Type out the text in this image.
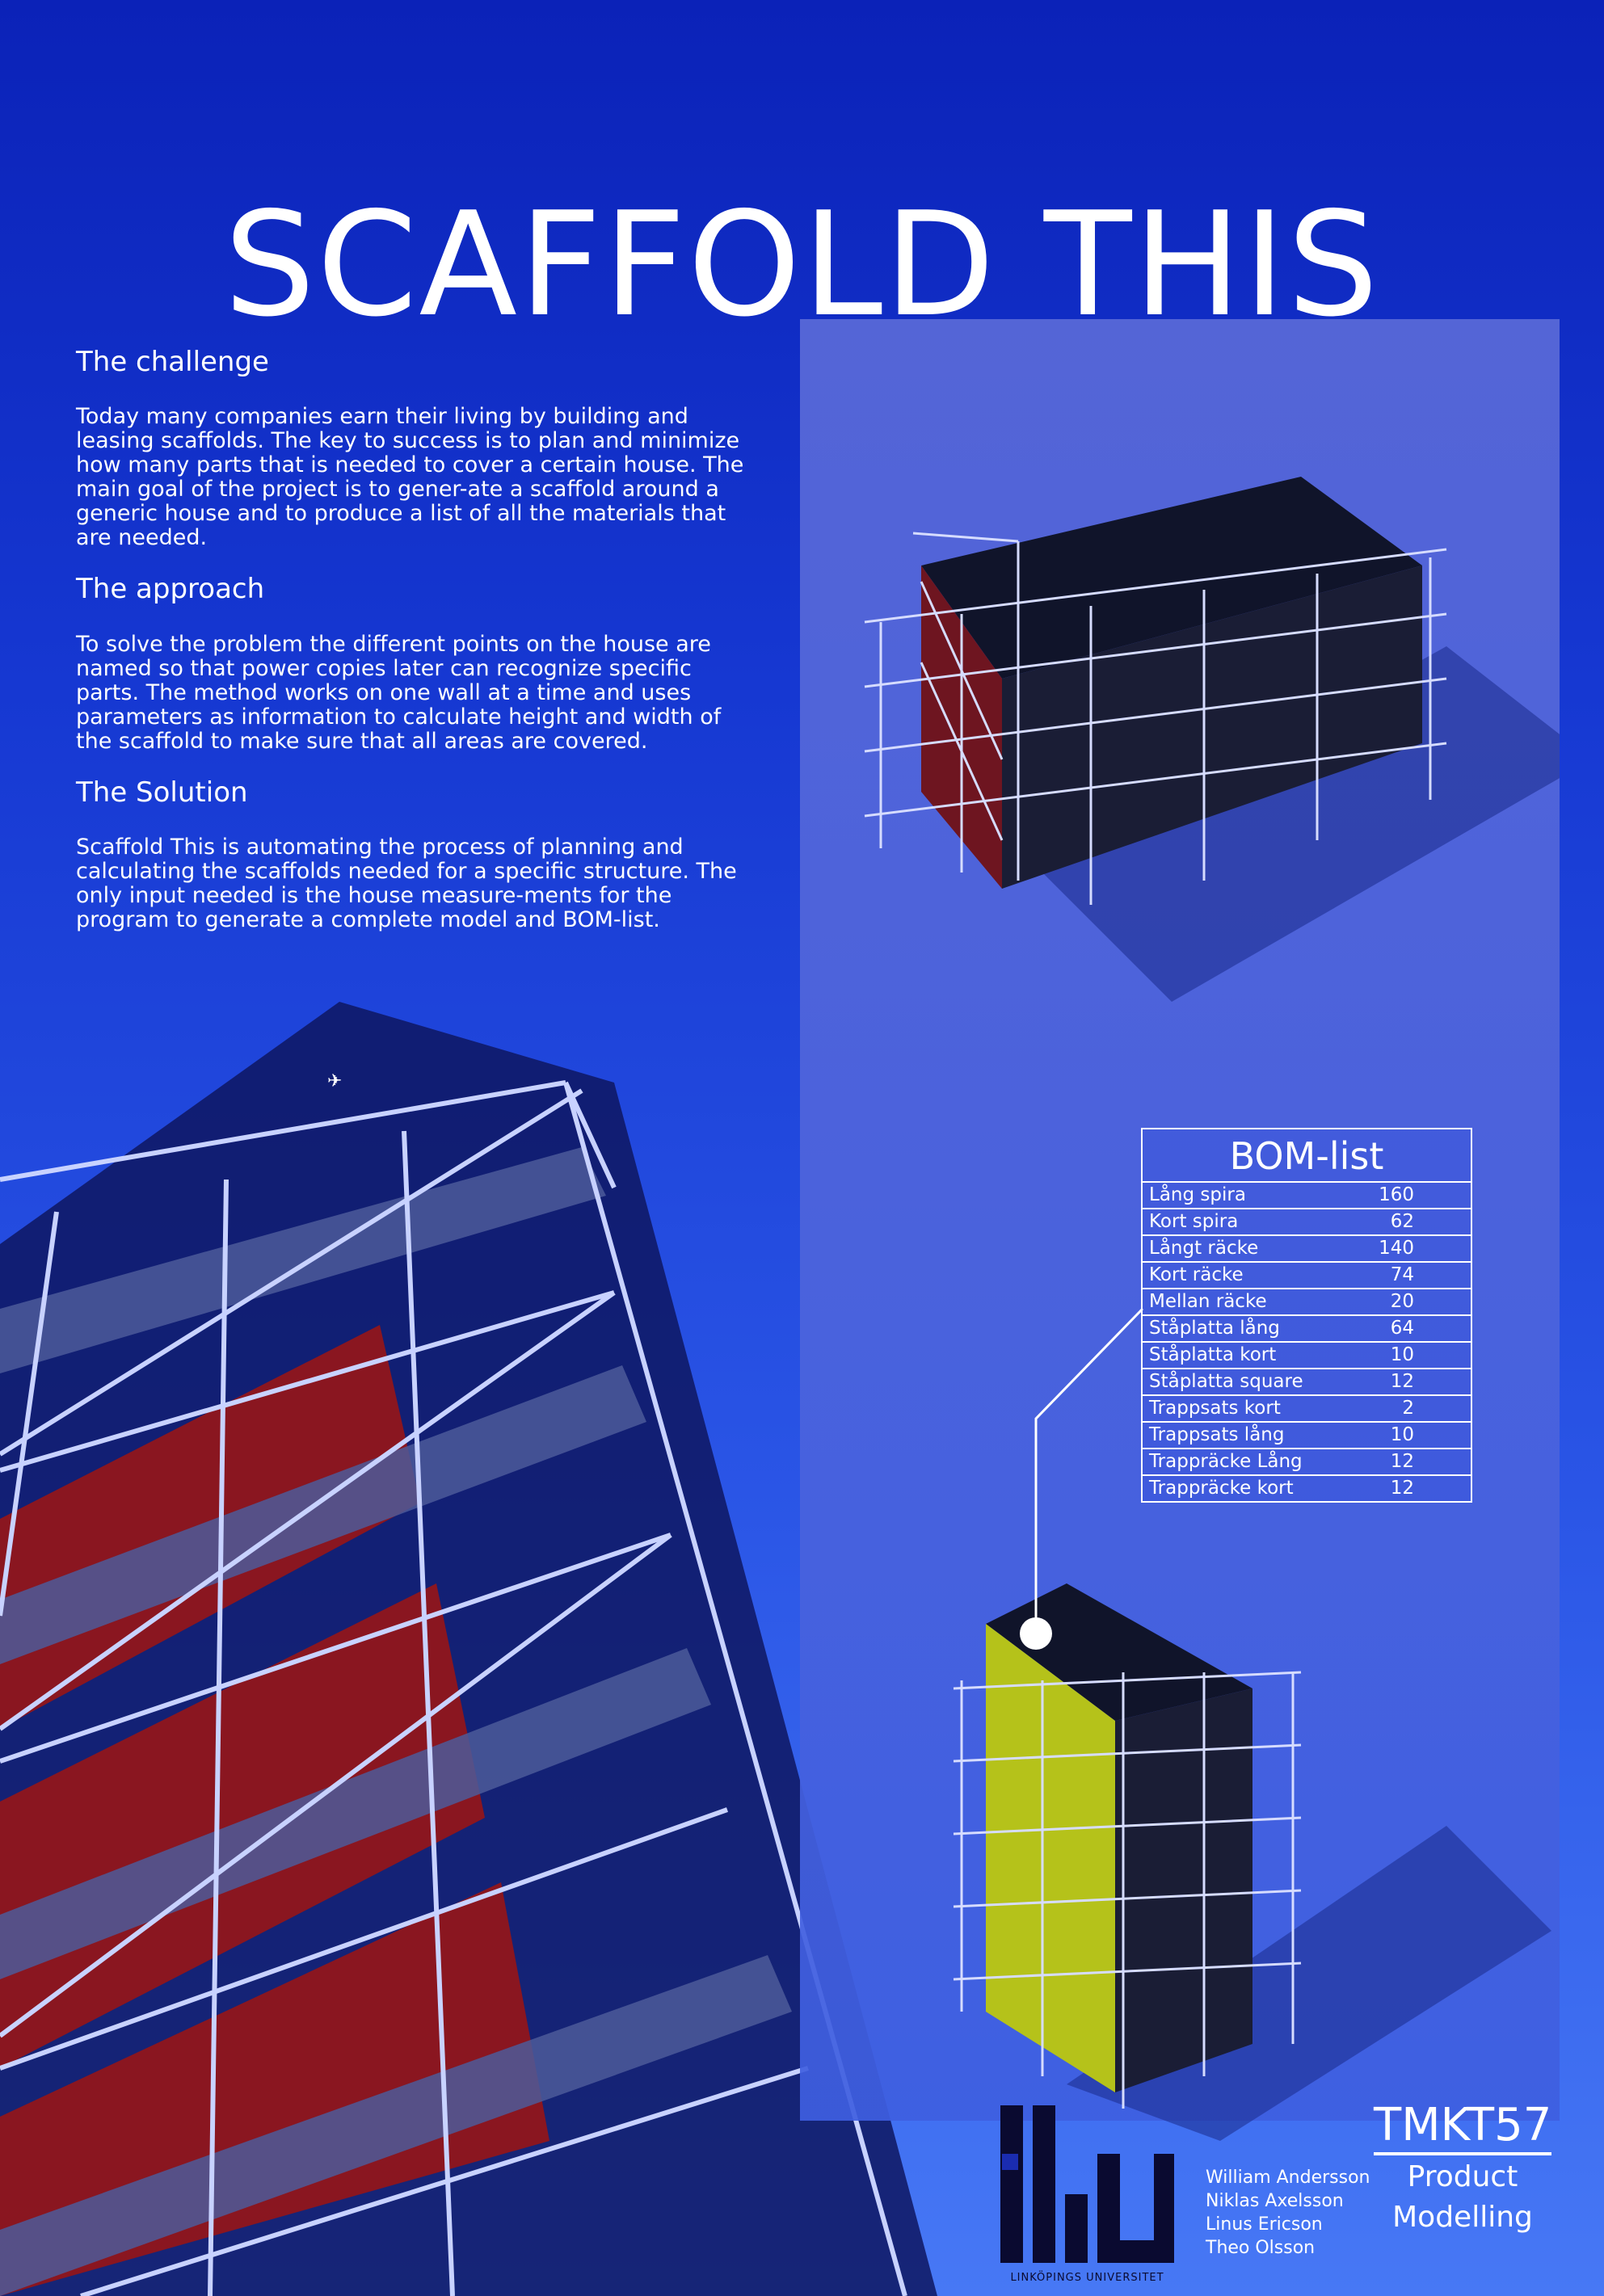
✈
SCAFFOLD THIS
The challenge

Today many companies earn their living by building and leasing scaffolds. The key to success is to plan and minimize how many parts that is needed to cover a certain house. The main goal of the project is to gener-ate a scaffold around a generic house and to produce a list of all the materials that are needed.

The approach

To solve the problem the different points on the house are named so that power copies later can recognize specific parts. The method works on one wall at a time and uses parameters as information to calculate height and width of the scaffold to make sure that all areas are covered.

The Solution

Scaffold This is automating the process of planning and calculating the scaffolds needed for a specific structure. The only input needed is the house measure-ments for the program to generate a complete model and BOM-list.

BOM-list
Lång spira	160
Kort spira	62
Långt räcke	140
Kort räcke	74
Mellan räcke	20
Ståplatta lång	64
Ståplatta kort	10
Ståplatta square	12
Trappsats kort	2
Trappsats lång	10
Trappräcke Lång	12
Trappräcke kort	12
LINKÖPINGS UNIVERSITET
William Andersson
Niklas Axelsson
Linus Ericson
Theo Olsson
TMKT57
Product
Modelling
